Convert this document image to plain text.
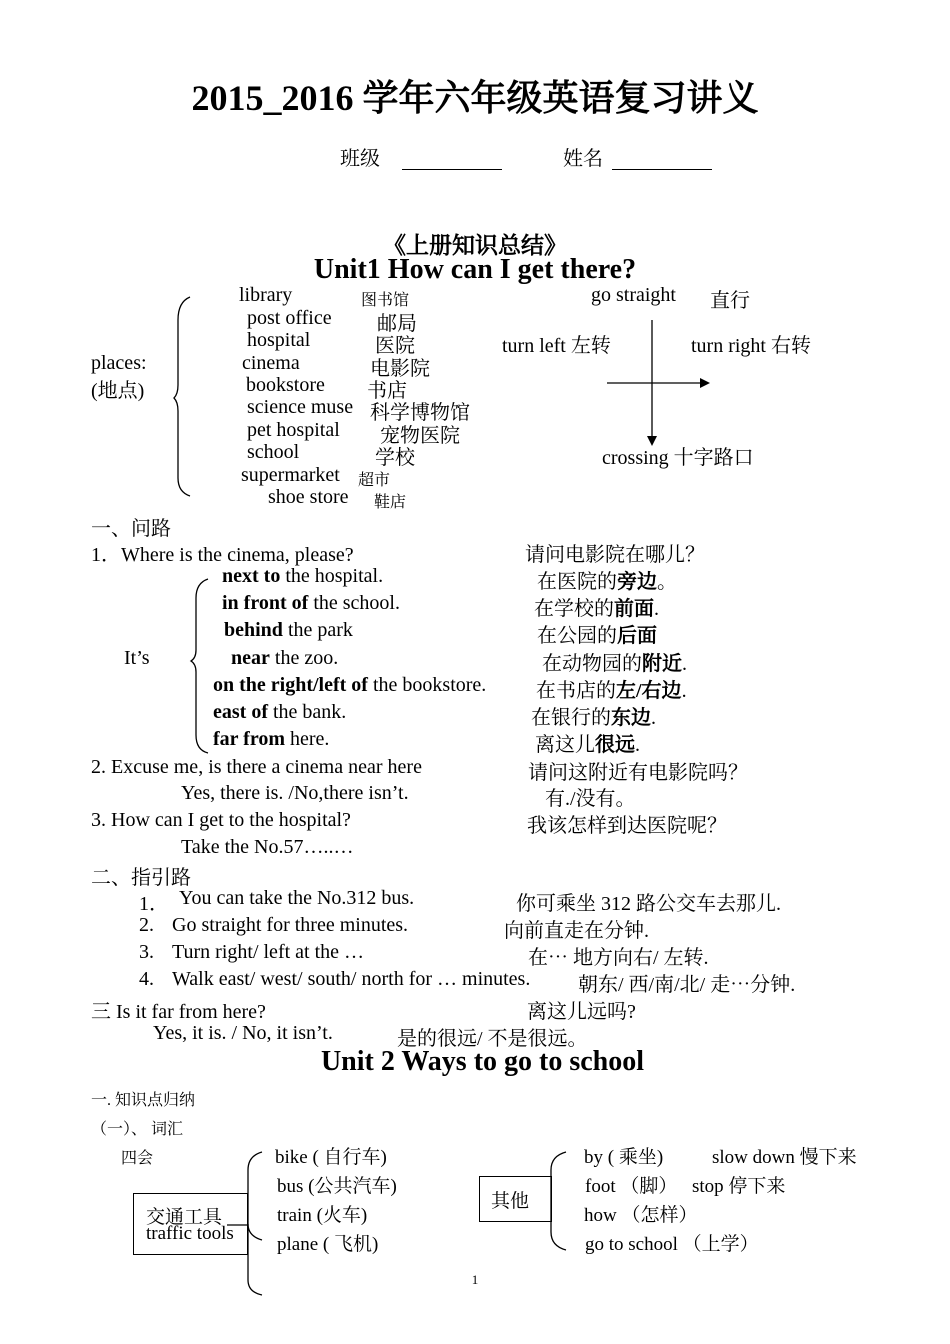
2015_2016 学年六年级英语复习讲义
班级	姓名
《上册知识总结》
Unit1 How can I get there?
places:
(地点)
library	图书馆
post office 邮局
hospital	医院
cinema	电影院
bookstore 书店
science muse 科学博物馆
pet hospital 宠物医院
school	学校
supermarket 超市
shoe store 鞋店
go straight 直行
turn left 左转	turn right 右转
crossing 十字路口
一、问路
1．Where is the cinema, please?	请问电影院在哪儿？
It’s
next to the hospital.	在医院的旁边。
in front of the school.	在学校的前面.
behind the park	在公园的后面
near the zoo.	在动物园的附近.
on the right/left of the bookstore. 在书店的左/右边.
east of the bank.	在银行的东边.
far from here.	离这儿很远.
2. Excuse me, is there a cinema near here	请问这附近有电影院吗？
Yes, there is. /No,there isn’t.	有./没有。
3. How can I get to the hospital?	我该怎样到达医院呢？
Take the No.57…..…
二、指引路
1． You can take the No.312 bus.	你可乘坐 312 路公交车去那儿.
2. Go straight for three minutes.	向前直走在分钟.
3. Turn right/ left at the …	在⋯ 地方向右/ 左转.
4. Walk east/ west/ south/ north for … minutes. 朝东/ 西/南/北/ 走⋯分钟.
三 Is it far from here?	离这儿远吗?
Yes, it is. / No, it isn’t.	是的很远/ 不是很远。
Unit 2 Ways to go to school
一. 知识点归纳
（一）、 词汇
四会
交通工具
traffic tools
bike ( 自行车)
bus (公共汽车)
train (火车)
plane ( 飞机)
其他
by ( 乘坐)
foot （脚）
how （怎样）
go to school （上学）
slow down 慢下来
stop 停下来
1
